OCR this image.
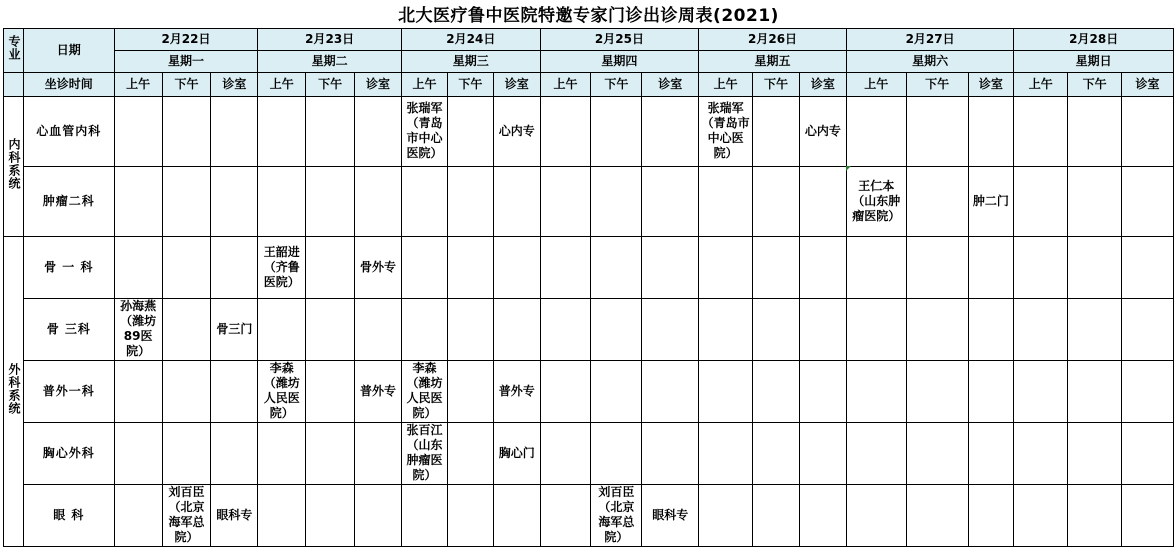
北大医疗鲁中医院特邀专家门诊出诊周表(2021)																						
专业	日期	2月22日			2月23日			2月24日			2月25日			2月26日			2月27日			2月28日		
		星期一			星期二			星期三			星期四			星期五			星期六			星期日		
	坐诊时间	上午	下午	诊室	上午	下午	诊室	上午	下午	诊室	上午	下午	诊室	上午	下午	诊室	上午	下午	诊室	上午	下午	诊室
内科系统	心血管内科							张瑞军（青岛市中心医院）		心内专				张瑞军（青岛市中心医院）		心内专						
	肿瘤二科																王仁本（山东肿瘤医院）		肿二门			
外科系统	骨 一 科				王韶进（齐鲁医院）		骨外专															
	骨 三科	孙海燕（潍坊89医院）		骨三门																		
	普外一科				李森（潍坊人民医院）		普外专	李森（潍坊人民医院）		普外专												
	胸心外科							张百江（山东肿瘤医院）		胸心门												
	眼 科		刘百臣（北京海军总院）	眼科专								刘百臣（北京海军总院）	眼科专									
